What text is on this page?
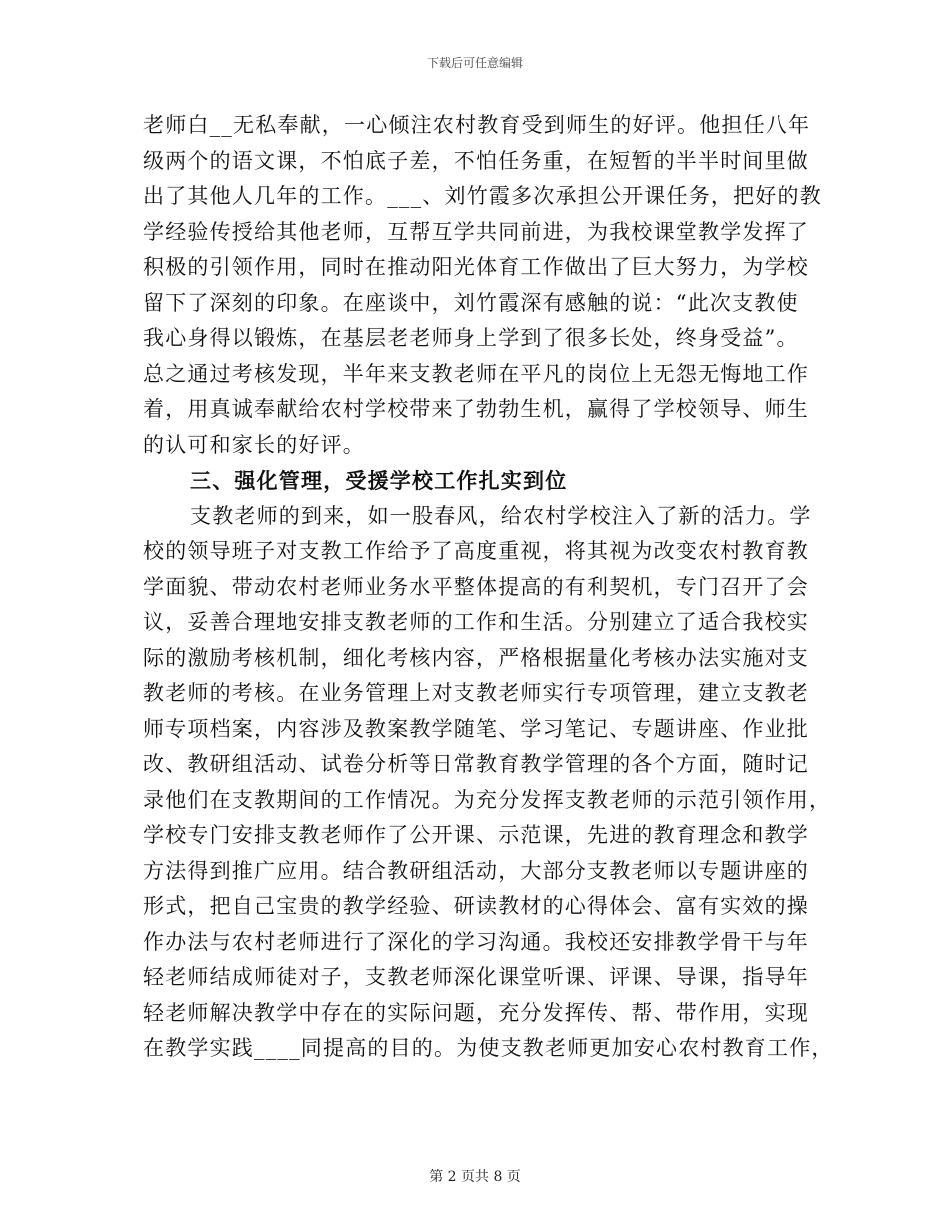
下载后可任意编辑
老师白__无私奉献，一心倾注农村教育受到师生的好评。他担任八年
级两个的语文课，不怕底子差，不怕任务重，在短暂的半半时间里做
出了其他人几年的工作。___、刘竹霞多次承担公开课任务，把好的教
学经验传授给其他老师，互帮互学共同前进，为我校课堂教学发挥了
积极的引领作用，同时在推动阳光体育工作做出了巨大努力，为学校
留下了深刻的印象。在座谈中，刘竹霞深有感触的说：“此次支教使
我心身得以锻炼，在基层老老师身上学到了很多长处，终身受益”。
总之通过考核发现，半年来支教老师在平凡的岗位上无怨无悔地工作
着，用真诚奉献给农村学校带来了勃勃生机，赢得了学校领导、师生
的认可和家长的好评。
三、强化管理，受援学校工作扎实到位
支教老师的到来，如一股春风，给农村学校注入了新的活力。学
校的领导班子对支教工作给予了高度重视，将其视为改变农村教育教
学面貌、带动农村老师业务水平整体提高的有利契机，专门召开了会
议，妥善合理地安排支教老师的工作和生活。分别建立了适合我校实
际的激励考核机制，细化考核内容，严格根据量化考核办法实施对支
教老师的考核。在业务管理上对支教老师实行专项管理，建立支教老
师专项档案，内容涉及教案教学随笔、学习笔记、专题讲座、作业批
改、教研组活动、试卷分析等日常教育教学管理的各个方面，随时记
录他们在支教期间的工作情况。为充分发挥支教老师的示范引领作用，
学校专门安排支教老师作了公开课、示范课，先进的教育理念和教学
方法得到推广应用。结合教研组活动，大部分支教老师以专题讲座的
形式，把自己宝贵的教学经验、研读教材的心得体会、富有实效的操
作办法与农村老师进行了深化的学习沟通。我校还安排教学骨干与年
轻老师结成师徒对子，支教老师深化课堂听课、评课、导课，指导年
轻老师解决教学中存在的实际问题，充分发挥传、帮、带作用，实现
在教学实践____同提高的目的。为使支教老师更加安心农村教育工作，
第 2 页共 8 页
